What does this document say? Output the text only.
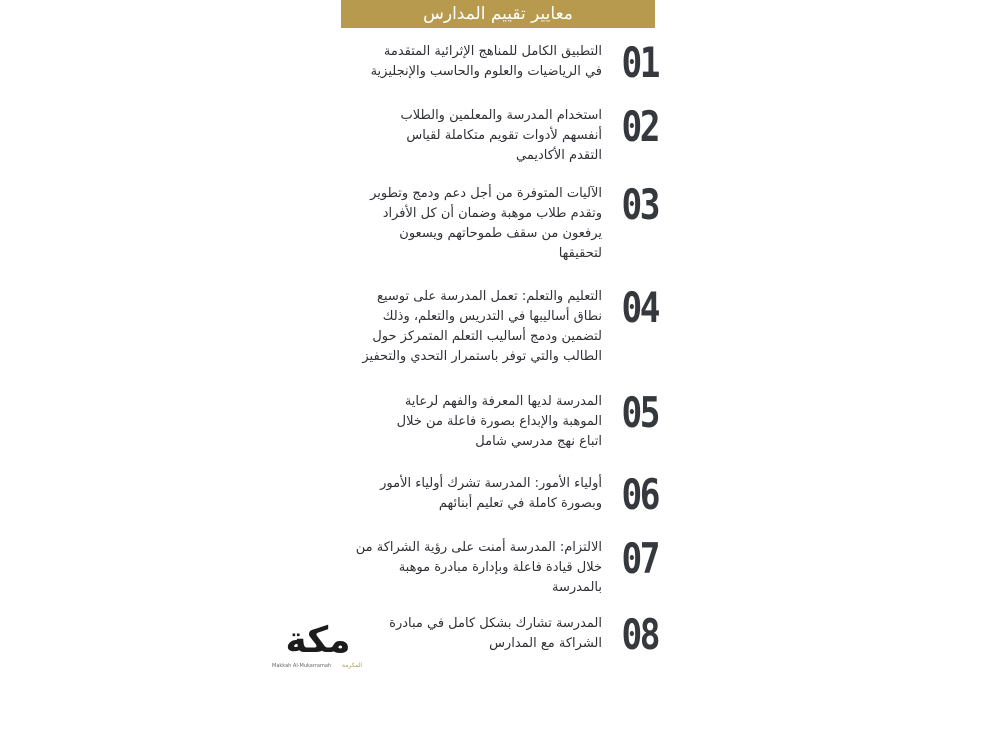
معايير تقييم المدارس
01
التطبيق الكامل للمناهج الإثرائية المتقدمة
في الرياضيات والعلوم والحاسب والإنجليزية
02
استخدام المدرسة والمعلمين والطلاب
أنفسهم لأدوات تقويم متكاملة لقياس
التقدم الأكاديمي
03
الآليات المتوفرة من أجل دعم ودمج وتطوير
وتقدم طلاب موهبة وضمان أن كل الأفراد
يرفعون من سقف طموحاتهم ويسعون
لتحقيقها
04
التعليم والتعلم: تعمل المدرسة على توسيع
نطاق أساليبها في التدريس والتعلم، وذلك
لتضمين ودمج أساليب التعلم المتمركز حول
الطالب والتي توفر باستمرار التحدي والتحفيز
05
المدرسة لديها المعرفة والفهم لرعاية
الموهبة والإبداع بصورة فاعلة من خلال
اتباع نهج مدرسي شامل
06
أولياء الأمور: المدرسة تشرك أولياء الأمور
وبصورة كاملة في تعليم أبنائهم
07
الالتزام: المدرسة أمنت على رؤية الشراكة من
خلال قيادة فاعلة وبإدارة مبادرة موهبة
بالمدرسة
08
المدرسة تشارك بشكل كامل في مبادرة
الشراكة مع المدارس
مكة
المكرمة
Makkah Al-Mukarramah
